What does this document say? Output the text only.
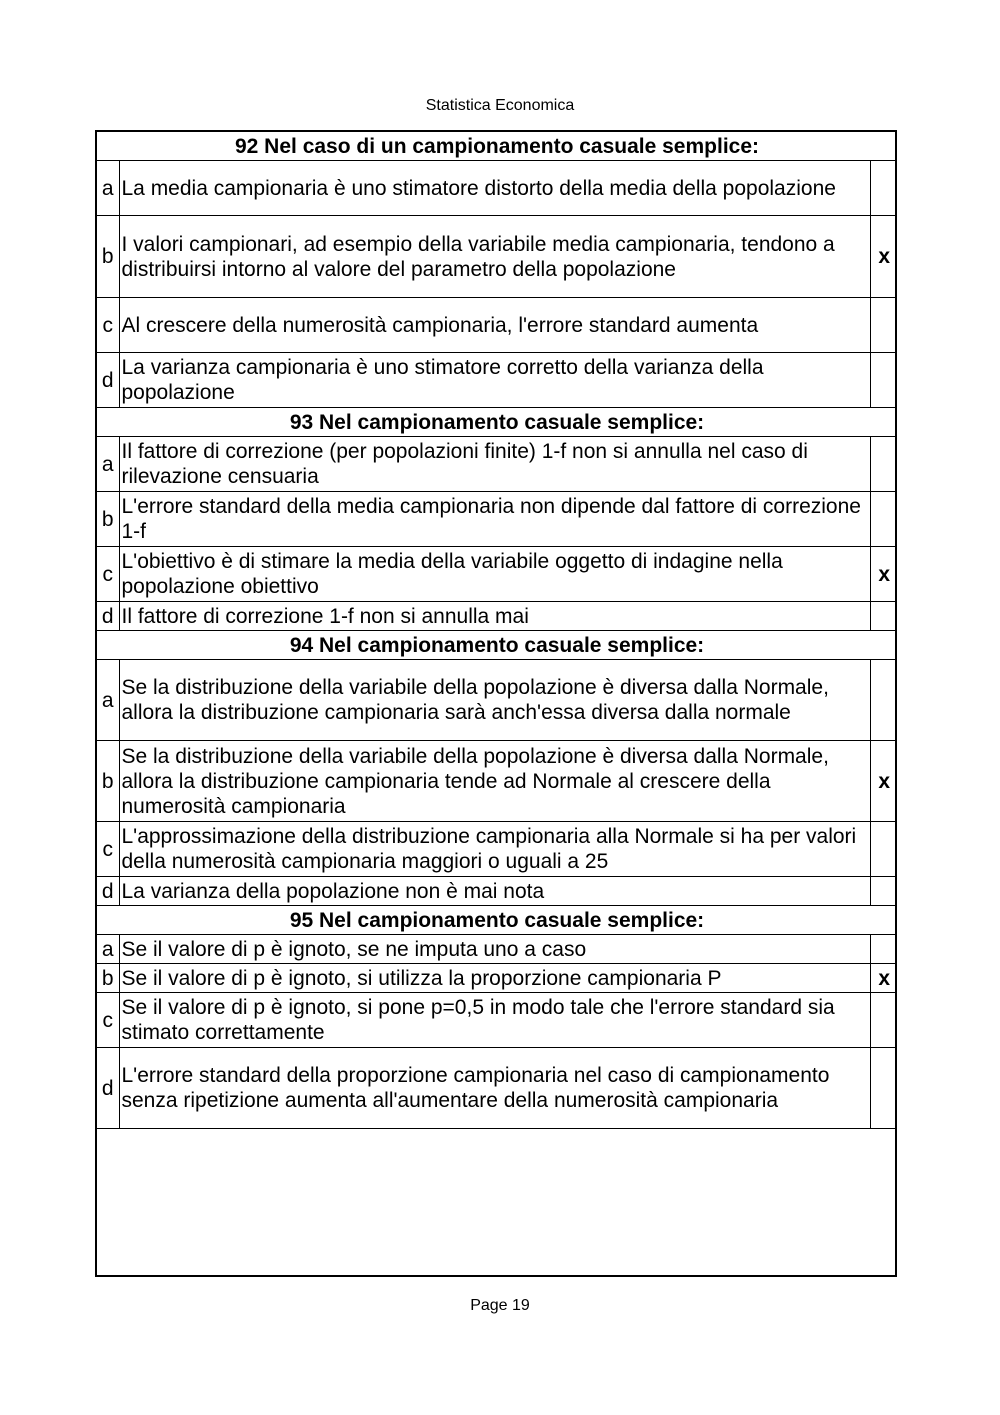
Statistica Economica
92 Nel caso di un campionamento casuale semplice:		
a	La media campionaria è uno stimatore distorto della media della popolazione	
b	I valori campionari, ad esempio della variabile media campionaria, tendono a distribuirsi intorno al valore del parametro della popolazione	x
c	Al crescere della numerosità campionaria, l'errore standard aumenta	
d	La varianza campionaria è uno stimatore corretto della varianza della popolazione	
93 Nel campionamento casuale semplice:		
a	Il fattore di correzione (per popolazioni finite) 1-f non si annulla nel caso di rilevazione censuaria	
b	L'errore standard della media campionaria non dipende dal fattore di correzione 1-f	
c	L'obiettivo è di stimare la media della variabile oggetto di indagine nella popolazione obiettivo	x
d	Il fattore di correzione 1-f non si annulla mai	
94 Nel campionamento casuale semplice:		
a	Se la distribuzione della variabile della popolazione è diversa dalla Normale, allora la distribuzione campionaria sarà anch'essa diversa dalla normale	
b	Se la distribuzione della variabile della popolazione è diversa dalla Normale, allora la distribuzione campionaria tende ad Normale al crescere della numerosità campionaria	x
c	L'approssimazione della distribuzione campionaria alla Normale si ha per valori della numerosità campionaria maggiori o uguali a 25	
d	La varianza della popolazione non è mai nota	
95 Nel campionamento casuale semplice:		
a	Se il valore di p è ignoto, se ne imputa uno a caso	
b	Se il valore di p è ignoto, si utilizza la proporzione campionaria P	x
c	Se il valore di p è ignoto, si pone p=0,5 in modo tale che l'errore standard sia stimato correttamente	
d	L'errore standard della proporzione campionaria nel caso di campionamento senza ripetizione aumenta all'aumentare della numerosità campionaria	

Page 19
